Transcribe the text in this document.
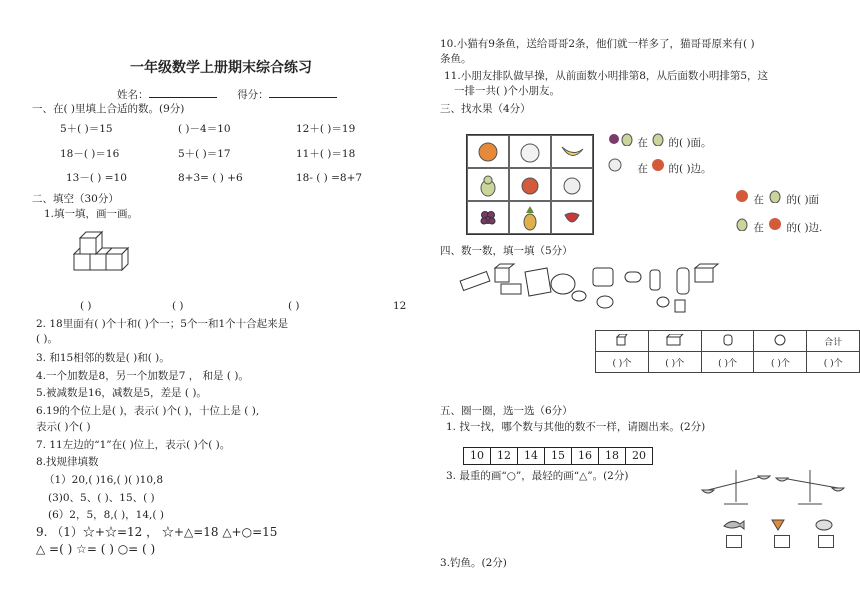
一年级数学上册期末综合练习
姓名：	得分：
一、在( )里填上合适的数。(9分)
5＋( )＝15	( )－4＝10	12＋( )＝19
18－( )＝16	5＋( )＝17	11＋( )＝18
13－( ) =10	8+3= ( ) +6	18- ( ) =8+7
二、填空（30分）
1.填一填，画一画。
( )	( )	( )	12
2. 18里面有( )个十和( )个一；5个一和1个十合起来是
( )。
3. 和15相邻的数是( )和( )。
4.一个加数是8，另一个加数是7 ， 和是 ( )。
5.被减数是16，减数是5，差是 ( )。
6.19的个位上是( )，表示( )个( )，十位上是 ( ),
表示( )个( )
7. 11左边的“1”在( )位上，表示( )个( )。
8.找规律填数
（1）20,( )16,( )( )10,8
(3)0、5、( )、15、( )
(6）2，5，8,( )，14,( )
9. （1）☆+☆=12 ， ☆+△=18 △+○=15
△ =( ) ☆= ( ) ○= ( )
10.小猫有9条鱼，送给哥哥2条，他们就一样多了，猫哥哥原来有( )
条鱼。
11.小朋友排队做早操，从前面数小明排第8，从后面数小明排第5，这
一排一共( )个小朋友。
三、找水果（4分）
在 的( )面。
在 的( )边。
在 的( )面
在 的( )边.
四、数一数，填一填（5分）
				合计
( )个	( )个	( )个	( )个	( )个
五、圈一圈，选一选（6分）
1. 找一找，哪个数与其他的数不一样，请圈出来。(2分)
10	12	14	15	16	18	20
3. 最重的画“○”，最轻的画“△”。(2分)
3.钓鱼。(2分)
